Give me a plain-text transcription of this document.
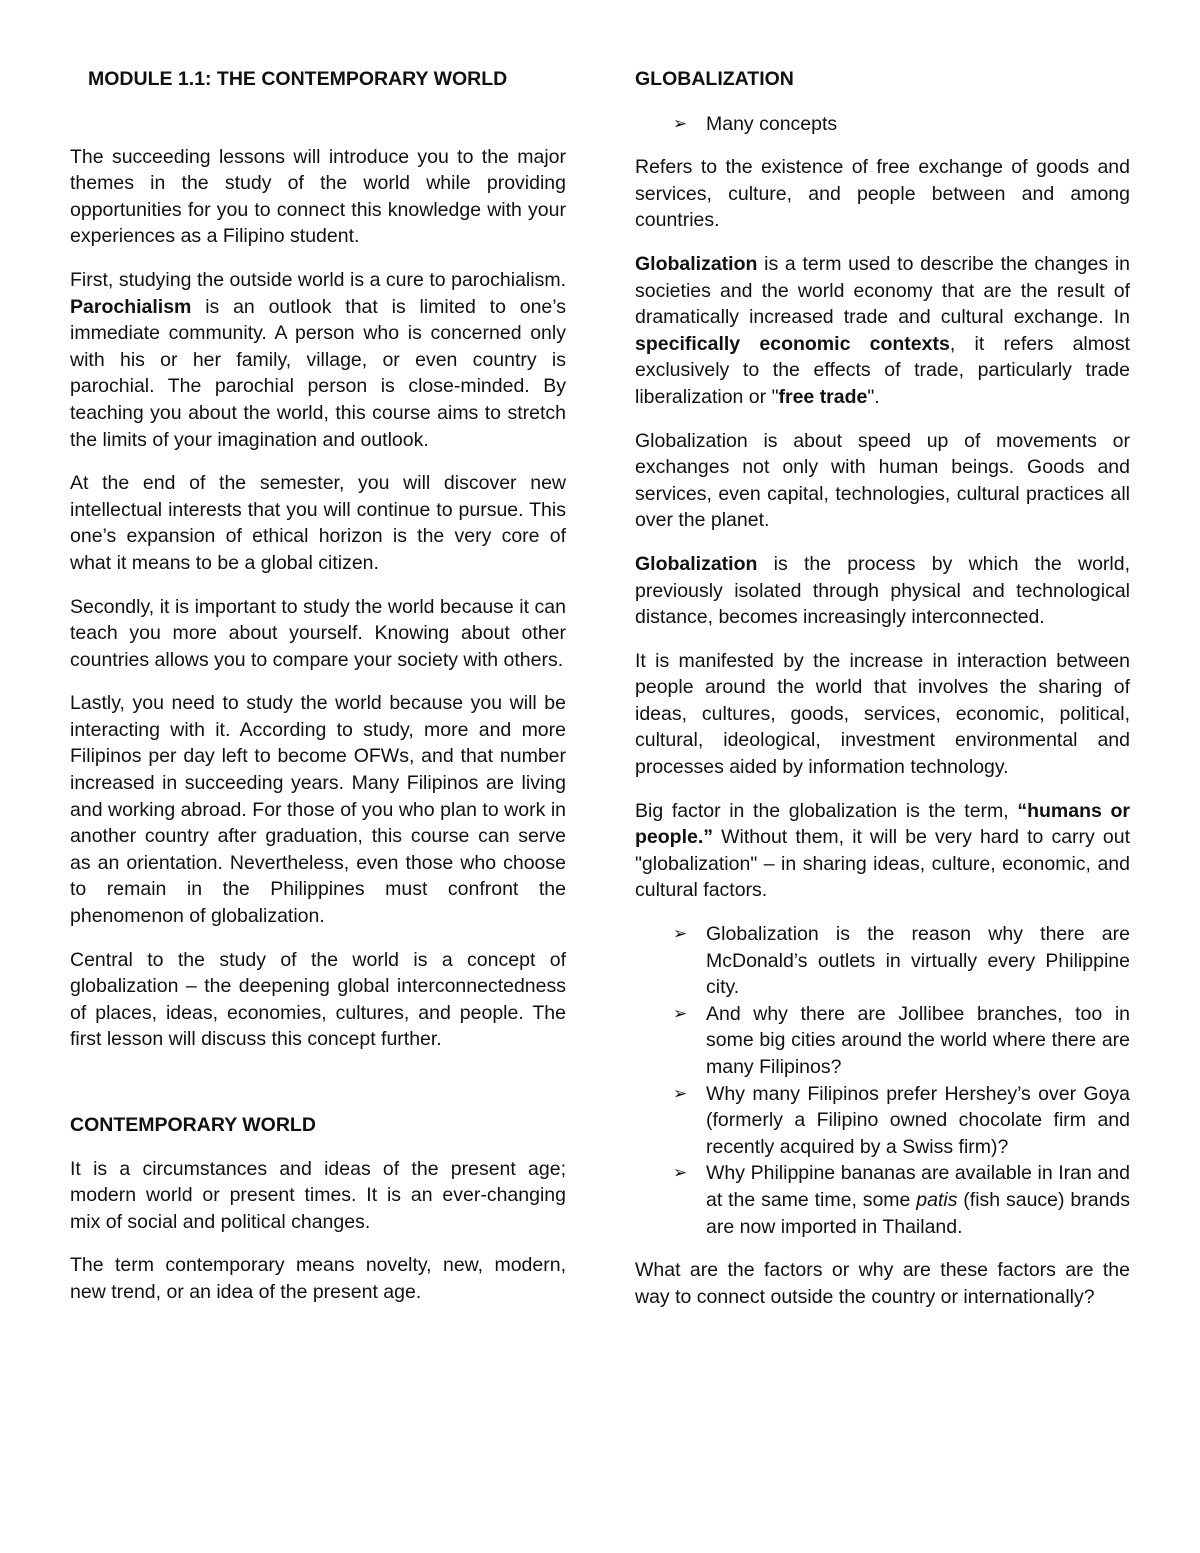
MODULE 1.1: THE CONTEMPORARY WORLD

The succeeding lessons will introduce you to the major themes in the study of the world while providing opportunities for you to connect this knowledge with your experiences as a Filipino student.

First, studying the outside world is a cure to parochialism. Parochialism is an outlook that is limited to one’s immediate community. A person who is concerned only with his or her family, village, or even country is parochial. The parochial person is close-minded. By teaching you about the world, this course aims to stretch the limits of your imagination and outlook.

At the end of the semester, you will discover new intellectual interests that you will continue to pursue. This one’s expansion of ethical horizon is the very core of what it means to be a global citizen.

Secondly, it is important to study the world because it can teach you more about yourself. Knowing about other countries allows you to compare your society with others.

Lastly, you need to study the world because you will be interacting with it. According to study, more and more Filipinos per day left to become OFWs, and that number increased in succeeding years. Many Filipinos are living and working abroad. For those of you who plan to work in another country after graduation, this course can serve as an orientation. Nevertheless, even those who choose to remain in the Philippines must confront the phenomenon of globalization.

Central to the study of the world is a concept of globalization – the deepening global interconnectedness of places, ideas, economies, cultures, and people. The first lesson will discuss this concept further.

CONTEMPORARY WORLD

It is a circumstances and ideas of the present age; modern world or present times. It is an ever-changing mix of social and political changes.

The term contemporary means novelty, new, modern, new trend, or an idea of the present age.

GLOBALIZATION
➢ Many concepts

Refers to the existence of free exchange of goods and services, culture, and people between and among countries.

Globalization is a term used to describe the changes in societies and the world economy that are the result of dramatically increased trade and cultural exchange. In specifically economic contexts, it refers almost exclusively to the effects of trade, particularly trade liberalization or "free trade".

Globalization is about speed up of movements or exchanges not only with human beings. Goods and services, even capital, technologies, cultural practices all over the planet.

Globalization is the process by which the world, previously isolated through physical and technological distance, becomes increasingly interconnected.

It is manifested by the increase in interaction between people around the world that involves the sharing of ideas, cultures, goods, services, economic, political, cultural, ideological, investment environmental and processes aided by information technology.

Big factor in the globalization is the term, “humans or people.” Without them, it will be very hard to carry out "globalization" – in sharing ideas, culture, economic, and cultural factors.

➢ Globalization is the reason why there are McDonald’s outlets in virtually every Philippine city.
➢ And why there are Jollibee branches, too in some big cities around the world where there are many Filipinos?
➢ Why many Filipinos prefer Hershey’s over Goya (formerly a Filipino owned chocolate firm and recently acquired by a Swiss firm)?
➢ Why Philippine bananas are available in Iran and at the same time, some patis (fish sauce) brands are now imported in Thailand.

What are the factors or why are these factors are the way to connect outside the country or internationally?
